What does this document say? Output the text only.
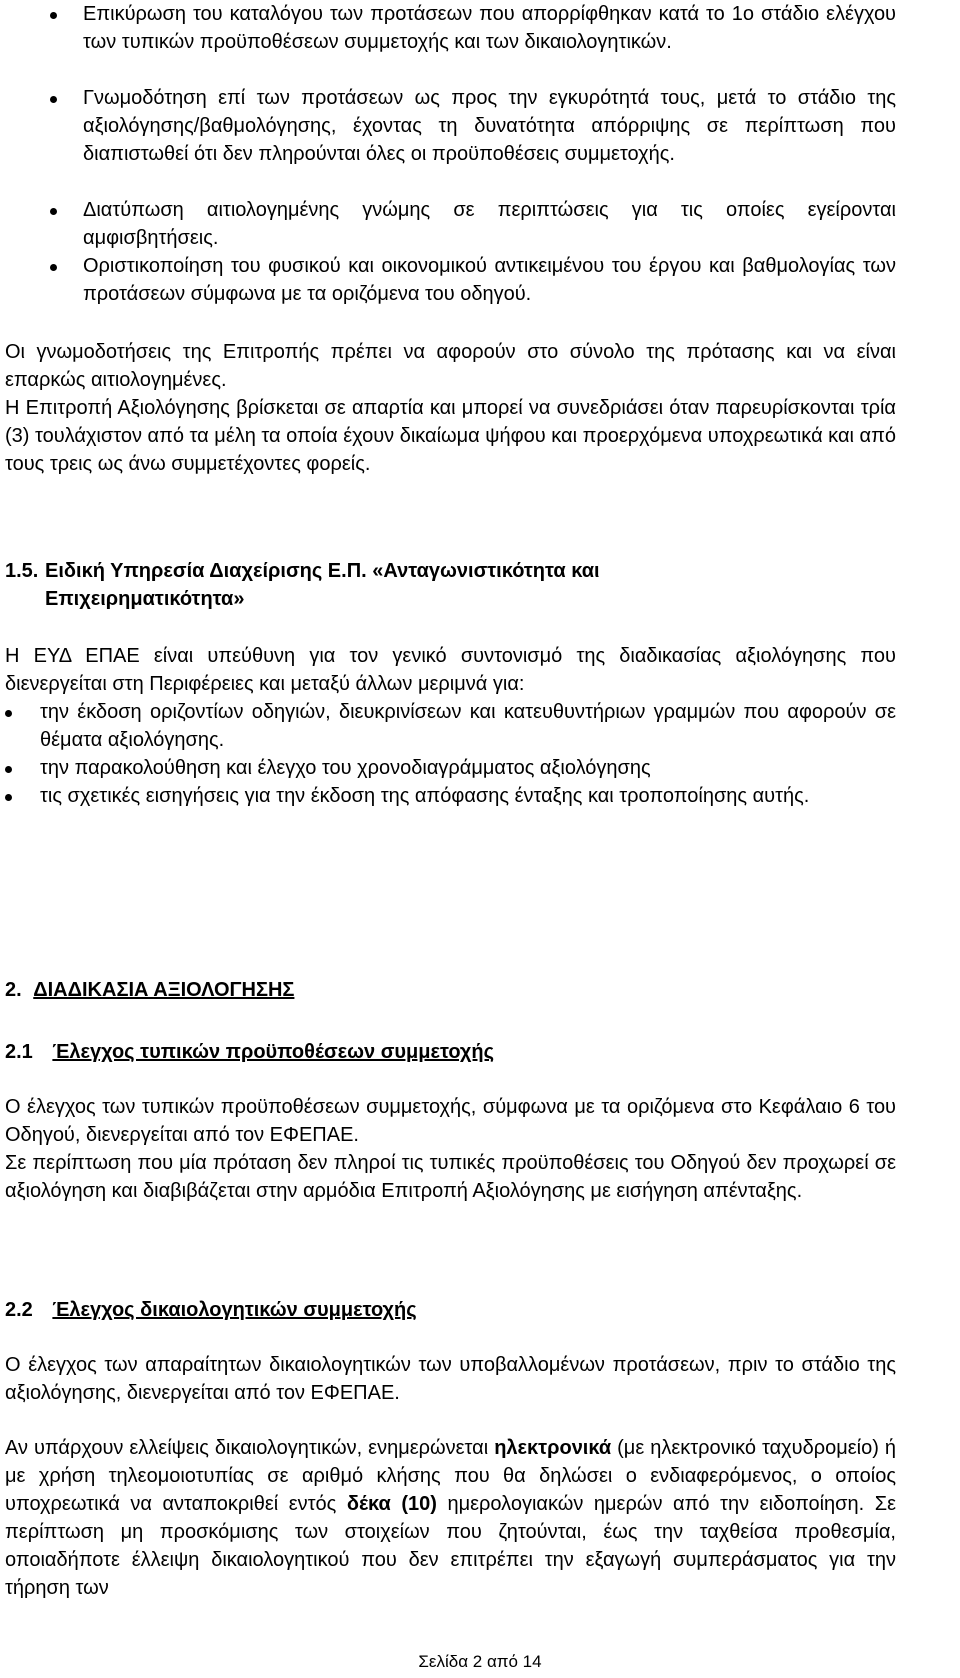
Επικύρωση του καταλόγου των προτάσεων που απορρίφθηκαν κατά το 1ο στάδιο ελέγχου των τυπικών προϋποθέσεων συμμετοχής και των δικαιολογητικών.
Γνωμοδότηση επί των προτάσεων ως προς την εγκυρότητά τους, μετά το στάδιο της αξιολόγησης/βαθμολόγησης, έχοντας τη δυνατότητα απόρριψης σε περίπτωση που διαπιστωθεί ότι δεν πληρούνται όλες οι προϋποθέσεις συμμετοχής.
Διατύπωση αιτιολογημένης γνώμης σε περιπτώσεις για τις οποίες εγείρονται αμφισβητήσεις.
Οριστικοποίηση του φυσικού και οικονομικού αντικειμένου του έργου και βαθμολογίας των προτάσεων σύμφωνα με τα οριζόμενα του οδηγού.

Οι γνωμοδοτήσεις της Επιτροπής πρέπει να αφορούν στο σύνολο της πρότασης και να είναι επαρκώς αιτιολογημένες.

Η Επιτροπή Αξιολόγησης βρίσκεται σε απαρτία και μπορεί να συνεδριάσει όταν παρευρίσκονται τρία (3) τουλάχιστον από τα μέλη τα οποία έχουν δικαίωμα ψήφου και προερχόμενα υποχρεωτικά και από τους τρεις ως άνω συμμετέχοντες φορείς.

1.5. Ειδική Υπηρεσία Διαχείρισης Ε.Π. «Ανταγωνιστικότητα και Επιχειρηματικότητα»

Η ΕΥΔ ΕΠΑΕ είναι υπεύθυνη για τον γενικό συντονισμό της διαδικασίας αξιολόγησης που διενεργείται στη Περιφέρειες και μεταξύ άλλων μεριμνά για:

την έκδοση οριζοντίων οδηγιών, διευκρινίσεων και κατευθυντήριων γραμμών που αφορούν σε θέματα αξιολόγησης.
την παρακολούθηση και έλεγχο του χρονοδιαγράμματος αξιολόγησης
τις σχετικές εισηγήσεις για την έκδοση της απόφασης ένταξης και τροποποίησης αυτής.
2. ΔΙΑΔΙΚΑΣΙΑ ΑΞΙΟΛΟΓΗΣΗΣ
2.1 Έλεγχος τυπικών προϋποθέσεων συμμετοχής

Ο έλεγχος των τυπικών προϋποθέσεων συμμετοχής, σύμφωνα με τα οριζόμενα στο Κεφάλαιο 6 του Οδηγού, διενεργείται από τον ΕΦΕΠΑΕ.

Σε περίπτωση που μία πρόταση δεν πληροί τις τυπικές προϋποθέσεις του Οδηγού δεν προχωρεί σε αξιολόγηση και διαβιβάζεται στην αρμόδια Επιτροπή Αξιολόγησης με εισήγηση απένταξης.

2.2 Έλεγχος δικαιολογητικών συμμετοχής

Ο έλεγχος των απαραίτητων δικαιολογητικών των υποβαλλομένων προτάσεων, πριν το στάδιο της αξιολόγησης, διενεργείται από τον ΕΦΕΠΑΕ.

Αν υπάρχουν ελλείψεις δικαιολογητικών, ενημερώνεται ηλεκτρονικά (με ηλεκτρονικό ταχυδρομείο) ή με χρήση τηλεομοιοτυπίας σε αριθμό κλήσης που θα δηλώσει ο ενδιαφερόμενος, ο οποίος υποχρεωτικά να ανταποκριθεί εντός δέκα (10) ημερολογιακών ημερών από την ειδοποίηση. Σε περίπτωση μη προσκόμισης των στοιχείων που ζητούνται, έως την ταχθείσα προθεσμία, οποιαδήποτε έλλειψη δικαιολογητικού που δεν επιτρέπει την εξαγωγή συμπεράσματος για την τήρηση των

Σελίδα 2 από 14
